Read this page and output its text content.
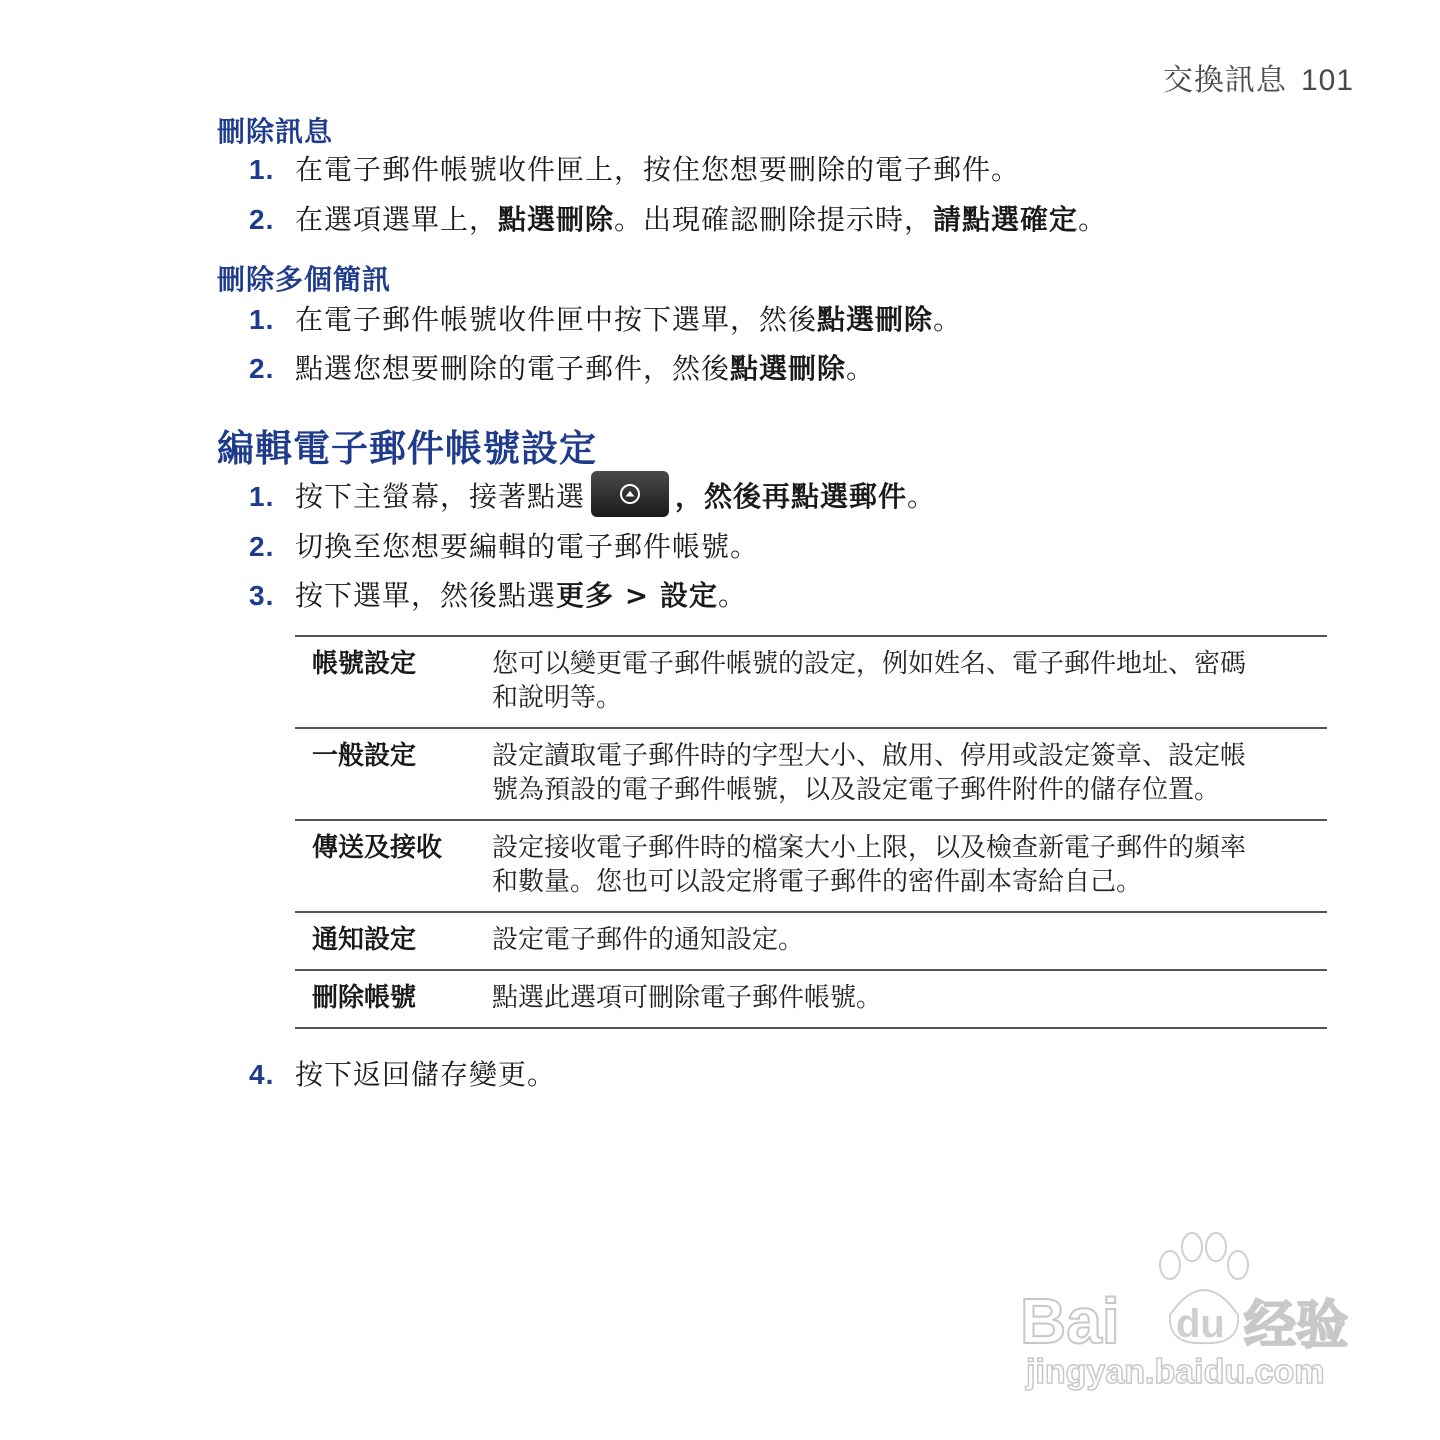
交換訊息 101
刪除訊息
1. 在電子郵件帳號收件匣上，按住您想要刪除的電子郵件。
2. 在選項選單上，點選刪除。出現確認刪除提示時，請點選確定。
刪除多個簡訊
1. 在電子郵件帳號收件匣中按下選單，然後點選刪除。
2. 點選您想要刪除的電子郵件，然後點選刪除。
編輯電子郵件帳號設定
1. 按下主螢幕，接著點選	，然後再點選郵件。
2. 切換至您想要編輯的電子郵件帳號。
3. 按下選單，然後點選更多 > 設定。
帳號設定	您可以變更電子郵件帳號的設定，例如姓名、電子郵件地址、密碼
和說明等。
一般設定	設定讀取電子郵件時的字型大小、啟用、停用或設定簽章、設定帳
號為預設的電子郵件帳號，以及設定電子郵件附件的儲存位置。
傳送及接收	設定接收電子郵件時的檔案大小上限，以及檢查新電子郵件的頻率
和數量。您也可以設定將電子郵件的密件副本寄給自己。
通知設定	設定電子郵件的通知設定。
刪除帳號	點選此選項可刪除電子郵件帳號。
4. 按下返回儲存變更。
Bai du 经验
jingyan.baidu.com
